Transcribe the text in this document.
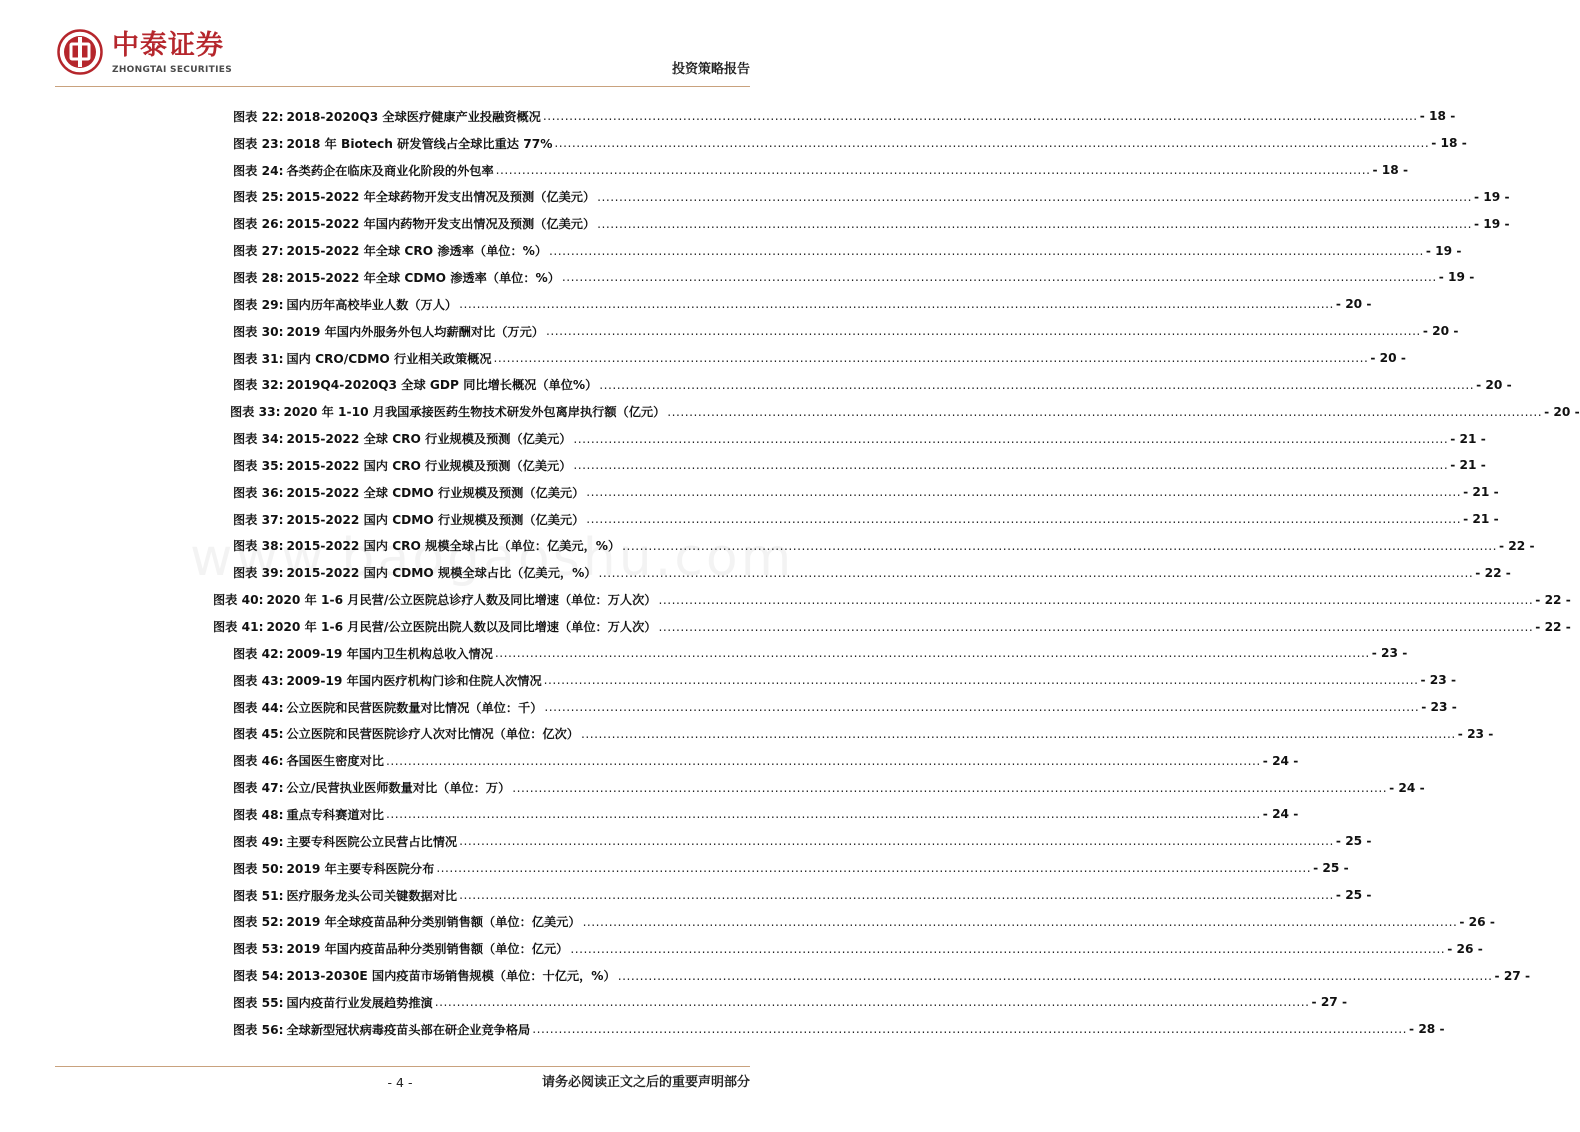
中泰证券
ZHONGTAI SECURITIES	投资策略报告
图表 22: 2018-2020Q3 全球医疗健康产业投融资概况 ........................................................................................................................................................................................................ - 18 -
图表 23: 2018 年 Biotech 研发管线占全球比重达 77% ........................................................................................................................................................................................................ - 18 -
图表 24: 各类药企在临床及商业化阶段的外包率 ........................................................................................................................................................................................................ - 18 -
图表 25: 2015-2022 年全球药物开发支出情况及预测（亿美元） ........................................................................................................................................................................................................ - 19 -
图表 26: 2015-2022 年国内药物开发支出情况及预测（亿美元） ........................................................................................................................................................................................................ - 19 -
图表 27: 2015-2022 年全球 CRO 渗透率（单位：%） ........................................................................................................................................................................................................ - 19 -
图表 28: 2015-2022 年全球 CDMO 渗透率（单位：%） ........................................................................................................................................................................................................ - 19 -
图表 29: 国内历年高校毕业人数（万人） ........................................................................................................................................................................................................ - 20 -
图表 30: 2019 年国内外服务外包人均薪酬对比（万元） ........................................................................................................................................................................................................ - 20 -
图表 31: 国内 CRO/CDMO 行业相关政策概况 ........................................................................................................................................................................................................ - 20 -
图表 32: 2019Q4-2020Q3 全球 GDP 同比增长概况（单位%） ........................................................................................................................................................................................................ - 20 -
图表 33: 2020 年 1-10 月我国承接医药生物技术研发外包离岸执行额（亿元） ........................................................................................................................................................................................................ - 20 -
图表 34: 2015-2022 全球 CRO 行业规模及预测（亿美元） ........................................................................................................................................................................................................ - 21 -
图表 35: 2015-2022 国内 CRO 行业规模及预测（亿美元） ........................................................................................................................................................................................................ - 21 -
图表 36: 2015-2022 全球 CDMO 行业规模及预测（亿美元） ........................................................................................................................................................................................................ - 21 -
图表 37: 2015-2022 国内 CDMO 行业规模及预测（亿美元） ........................................................................................................................................................................................................ - 21 -
图表 38: 2015-2022 国内 CRO 规模全球占比（单位：亿美元，%） ........................................................................................................................................................................................................ - 22 -
图表 39: 2015-2022 国内 CDMO 规模全球占比（亿美元，%） ........................................................................................................................................................................................................ - 22 -
图表 40: 2020 年 1-6 月民营/公立医院总诊疗人数及同比增速（单位：万人次） ........................................................................................................................................................................................................ - 22 -
图表 41: 2020 年 1-6 月民营/公立医院出院人数以及同比增速（单位：万人次） ........................................................................................................................................................................................................ - 22 -
图表 42: 2009-19 年国内卫生机构总收入情况 ........................................................................................................................................................................................................ - 23 -
图表 43: 2009-19 年国内医疗机构门诊和住院人次情况 ........................................................................................................................................................................................................ - 23 -
图表 44: 公立医院和民营医院数量对比情况（单位：千） ........................................................................................................................................................................................................ - 23 -
图表 45: 公立医院和民营医院诊疗人次对比情况（单位：亿次） ........................................................................................................................................................................................................ - 23 -
图表 46: 各国医生密度对比 ........................................................................................................................................................................................................ - 24 -
图表 47: 公立/民营执业医师数量对比（单位：万） ........................................................................................................................................................................................................ - 24 -
图表 48: 重点专科赛道对比 ........................................................................................................................................................................................................ - 24 -
图表 49: 主要专科医院公立民营占比情况 ........................................................................................................................................................................................................ - 25 -
图表 50: 2019 年主要专科医院分布 ........................................................................................................................................................................................................ - 25 -
图表 51: 医疗服务龙头公司关键数据对比 ........................................................................................................................................................................................................ - 25 -
图表 52: 2019 年全球疫苗品种分类别销售额（单位：亿美元） ........................................................................................................................................................................................................ - 26 -
图表 53: 2019 年国内疫苗品种分类别销售额（单位：亿元） ........................................................................................................................................................................................................ - 26 -
图表 54: 2013-2030E 国内疫苗市场销售规模（单位：十亿元，%） ........................................................................................................................................................................................................ - 27 -
图表 55: 国内疫苗行业发展趋势推演 ........................................................................................................................................................................................................ - 27 -
图表 56: 全球新型冠状病毒疫苗头部在研企业竞争格局 ........................................................................................................................................................................................................ - 28 -
- 4 -	请务必阅读正文之后的重要声明部分
